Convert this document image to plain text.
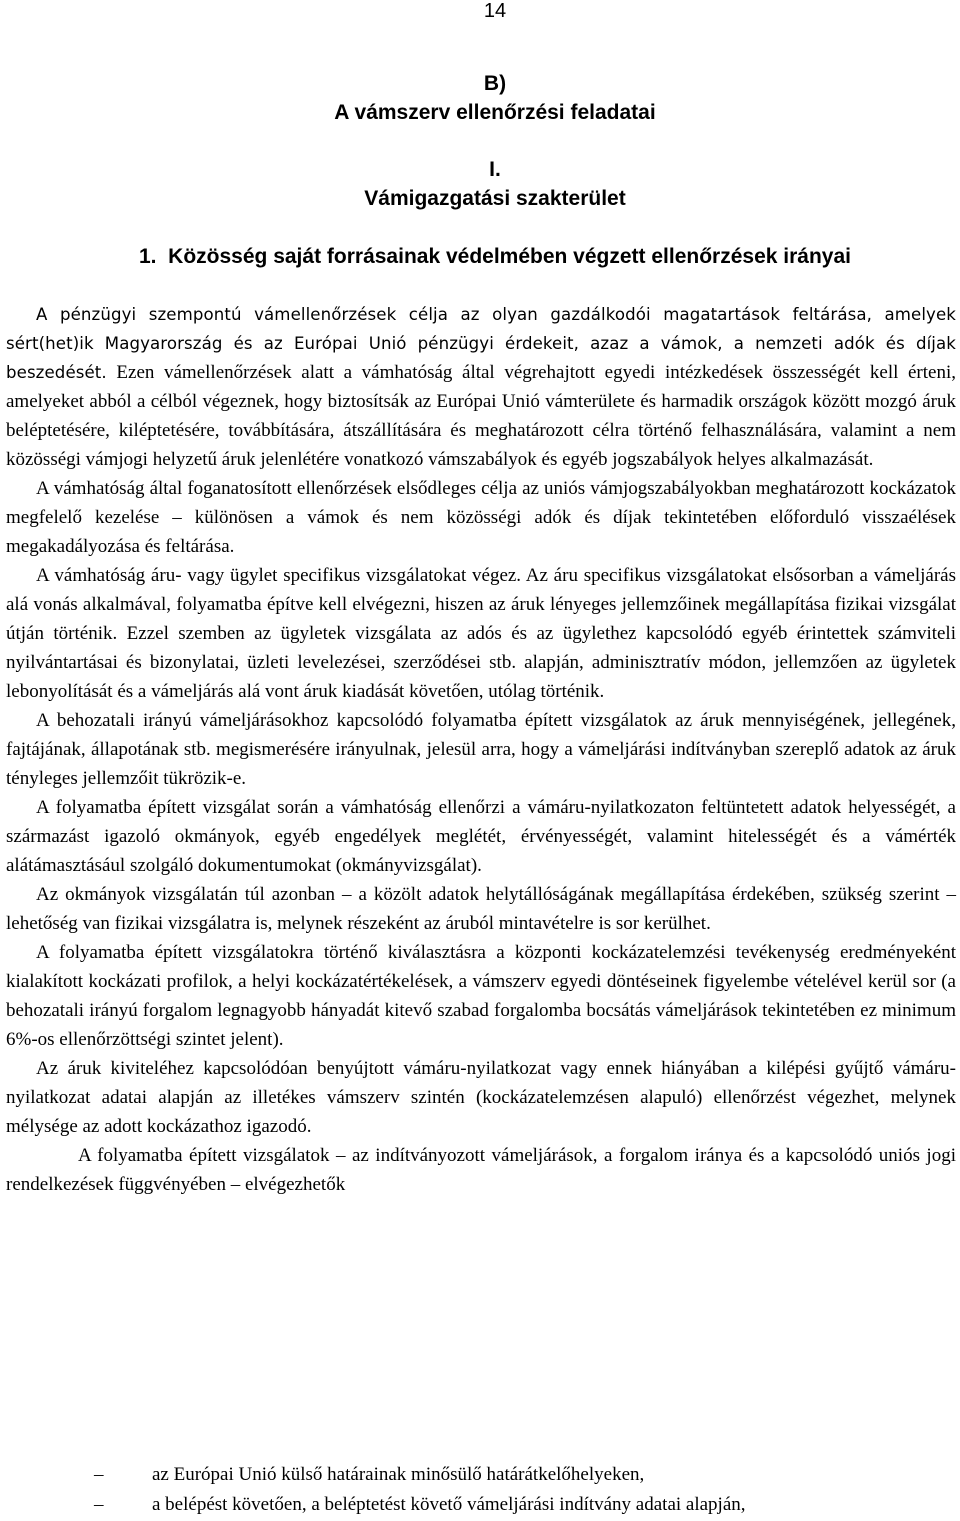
14
B)
A vámszerv ellenőrzési feladatai
I.
Vámigazgatási szakterület
1.  Közösség saját forrásainak védelmében végzett ellenőrzések irányai

A pénzügyi szempontú vámellenőrzések célja az olyan gazdálkodói magatartások feltárása, amelyek sért(het)ik Magyarország és az Európai Unió pénzügyi érdekeit, azaz a vámok, a nemzeti adók és díjak beszedését. Ezen vámellenőrzések alatt a vámhatóság által végrehajtott egyedi intézkedések összességét kell érteni, amelyeket abból a célból végeznek, hogy biztosítsák az Európai Unió vámterülete és harmadik országok között mozgó áruk beléptetésére, kiléptetésére, továbbítására, átszállítására és meghatározott célra történő felhasználására, valamint a nem közösségi vámjogi helyzetű áruk jelenlétére vonatkozó vámszabályok és egyéb jogszabályok helyes alkalmazását.

A vámhatóság által foganatosított ellenőrzések elsődleges célja az uniós vámjogszabályokban meghatározott kockázatok megfelelő kezelése – különösen a vámok és nem közösségi adók és díjak tekintetében előforduló visszaélések megakadályozása és feltárása.

A vámhatóság áru- vagy ügylet specifikus vizsgálatokat végez. Az áru specifikus vizsgálatokat elsősorban a vámeljárás alá vonás alkalmával, folyamatba építve kell elvégezni, hiszen az áruk lényeges jellemzőinek megállapítása fizikai vizsgálat útján történik. Ezzel szemben az ügyletek vizsgálata az adós és az ügylethez kapcsolódó egyéb érintettek számviteli nyilvántartásai és bizonylatai, üzleti levelezései, szerződései stb. alapján, adminisztratív módon, jellemzően az ügyletek lebonyolítását és a vámeljárás alá vont áruk kiadását követően, utólag történik.

A behozatali irányú vámeljárásokhoz kapcsolódó folyamatba épített vizsgálatok az áruk mennyiségének, jellegének, fajtájának, állapotának stb. megismerésére irányulnak, jelesül arra, hogy a vámeljárási indítványban szereplő adatok az áruk tényleges jellemzőit tükrözik-e.

A folyamatba épített vizsgálat során a vámhatóság ellenőrzi a vámáru-nyilatkozaton feltüntetett adatok helyességét, a származást igazoló okmányok, egyéb engedélyek meglétét, érvényességét, valamint hitelességét és a vámérték alátámasztásául szolgáló dokumentumokat (okmányvizsgálat).

Az okmányok vizsgálatán túl azonban – a közölt adatok helytállóságának megállapítása érdekében, szükség szerint – lehetőség van fizikai vizsgálatra is, melynek részeként az áruból mintavételre is sor kerülhet.

A folyamatba épített vizsgálatokra történő kiválasztásra a központi kockázatelemzési tevékenység eredményeként kialakított kockázati profilok, a helyi kockázatértékelések, a vámszerv egyedi döntéseinek figyelembe vételével kerül sor (a behozatali irányú forgalom legnagyobb hányadát kitevő szabad forgalomba bocsátás vámeljárások tekintetében ez minimum 6%-os ellenőrzöttségi szintet jelent).

Az áruk kiviteléhez kapcsolódóan benyújtott vámáru-nyilatkozat vagy ennek hiányában a kilépési gyűjtő vámáru-nyilatkozat adatai alapján az illetékes vámszerv szintén (kockázatelemzésen alapuló) ellenőrzést végezhet, melynek mélysége az adott kockázathoz igazodó.

A folyamatba épített vizsgálatok – az indítványozott vámeljárások, a forgalom iránya és a kapcsolódó uniós jogi rendelkezések függvényében – elvégezhetők

–	az Európai Unió külső határainak minősülő határátkelőhelyeken,
–	a belépést követően, a beléptetést követő vámeljárási indítvány adatai alapján,
